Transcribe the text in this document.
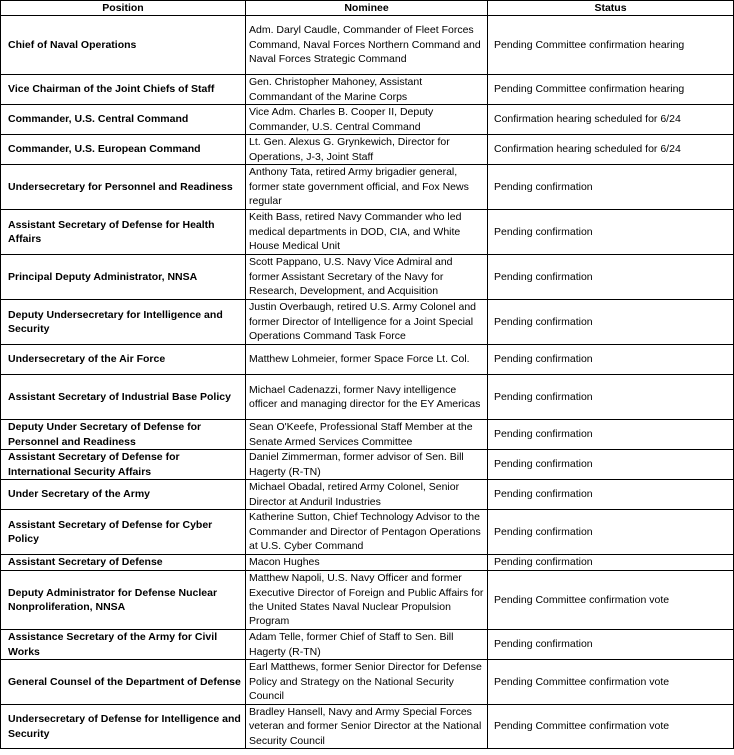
Position	Nominee	Status
Chief of Naval Operations	Adm. Daryl Caudle, Commander of Fleet Forces Command, Naval Forces Northern Command and Naval Forces Strategic Command	Pending Committee confirmation hearing
Vice Chairman of the Joint Chiefs of Staff	Gen. Christopher Mahoney, Assistant Commandant of the Marine Corps	Pending Committee confirmation hearing
Commander, U.S. Central Command	Vice Adm. Charles B. Cooper II, Deputy Commander, U.S. Central Command	Confirmation hearing scheduled for 6/24
Commander, U.S. European Command	Lt. Gen. Alexus G. Grynkewich, Director for Operations, J-3, Joint Staff	Confirmation hearing scheduled for 6/24
Undersecretary for Personnel and Readiness	Anthony Tata, retired Army brigadier general, former state government official, and Fox News regular	Pending confirmation
Assistant Secretary of Defense for Health Affairs	Keith Bass, retired Navy Commander who led medical departments in DOD, CIA, and White House Medical Unit	Pending confirmation
Principal Deputy Administrator, NNSA	Scott Pappano, U.S. Navy Vice Admiral and former Assistant Secretary of the Navy for Research, Development, and Acquisition	Pending confirmation
Deputy Undersecretary for Intelligence and Security	Justin Overbaugh, retired U.S. Army Colonel and former Director of Intelligence for a Joint Special Operations Command Task Force	Pending confirmation
Undersecretary of the Air Force	Matthew Lohmeier, former Space Force Lt. Col.	Pending confirmation
Assistant Secretary of Industrial Base Policy	Michael Cadenazzi, former Navy intelligence officer and managing director for the EY Americas	Pending confirmation
Deputy Under Secretary of Defense for Personnel and Readiness	Sean O'Keefe, Professional Staff Member at the Senate Armed Services Committee	Pending confirmation
Assistant Secretary of Defense for International Security Affairs	Daniel Zimmerman, former advisor of Sen. Bill Hagerty (R-TN)	Pending confirmation
Under Secretary of the Army	Michael Obadal, retired Army Colonel, Senior Director at Anduril Industries	Pending confirmation
Assistant Secretary of Defense for Cyber Policy	Katherine Sutton, Chief Technology Advisor to the Commander and Director of Pentagon Operations at U.S. Cyber Command	Pending confirmation
Assistant Secretary of Defense	Macon Hughes	Pending confirmation
Deputy Administrator for Defense Nuclear Nonproliferation, NNSA	Matthew Napoli, U.S. Navy Officer and former Executive Director of Foreign and Public Affairs for the United States Naval Nuclear Propulsion Program	Pending Committee confirmation vote
Assistance Secretary of the Army for Civil Works	Adam Telle, former Chief of Staff to Sen. Bill Hagerty (R-TN)	Pending confirmation
General Counsel of the Department of Defense	Earl Matthews, former Senior Director for Defense Policy and Strategy on the National Security Council	Pending Committee confirmation vote
Undersecretary of Defense for Intelligence and Security	Bradley Hansell, Navy and Army Special Forces veteran and former Senior Director at the National Security Council	Pending Committee confirmation vote
